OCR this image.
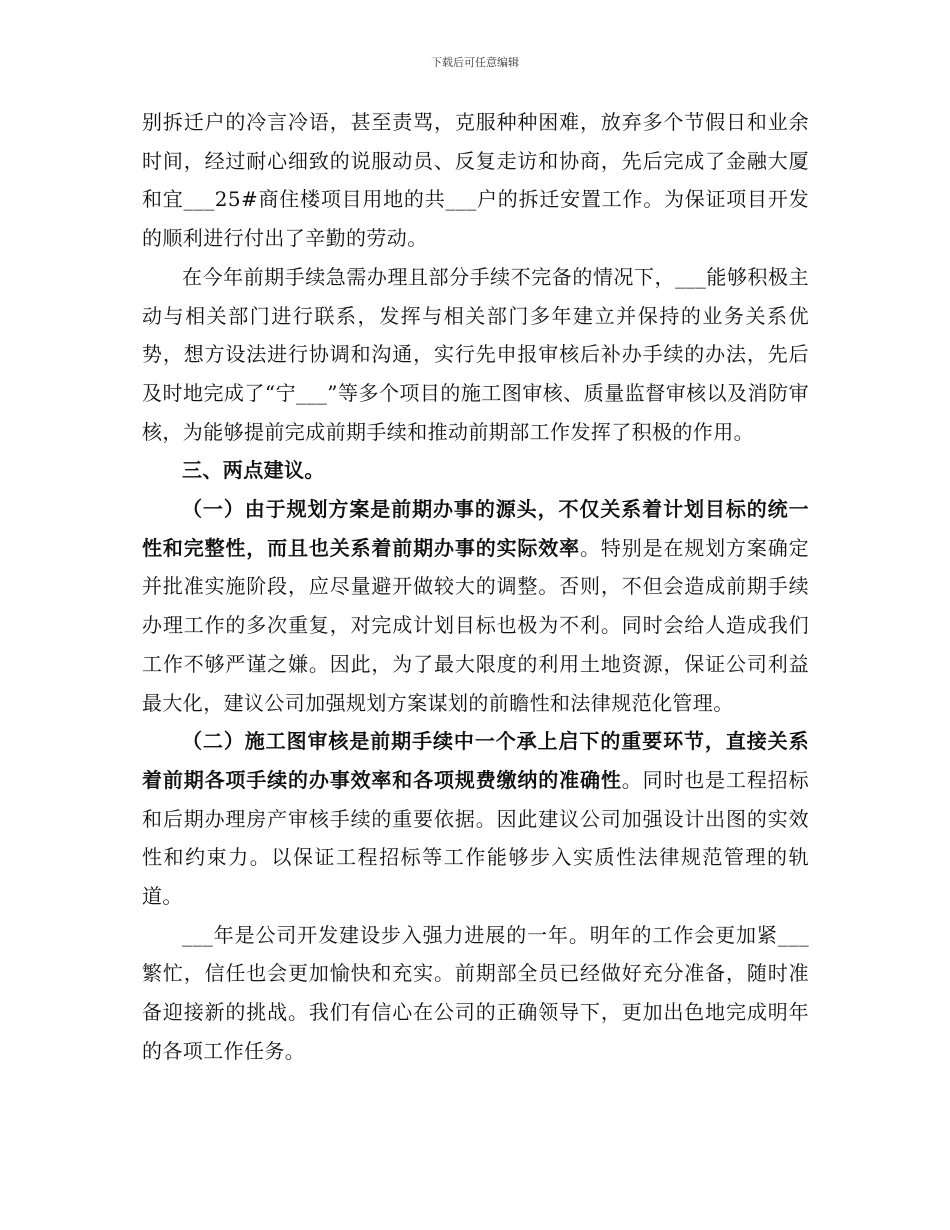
下载后可任意编辑

别拆迁户的冷言冷语，甚至责骂，克服种种困难，放弃多个节假日和业余时间，经过耐心细致的说服动员、反复走访和协商，先后完成了金融大厦和宜___25#商住楼项目用地的共___户的拆迁安置工作。为保证项目开发的顺利进行付出了辛勤的劳动。

在今年前期手续急需办理且部分手续不完备的情况下，___能够积极主动与相关部门进行联系，发挥与相关部门多年建立并保持的业务关系优势，想方设法进行协调和沟通，实行先申报审核后补办手续的办法，先后及时地完成了“宁___”等多个项目的施工图审核、质量监督审核以及消防审核，为能够提前完成前期手续和推动前期部工作发挥了积极的作用。

三、两点建议。

（一）由于规划方案是前期办事的源头，不仅关系着计划目标的统一性和完整性，而且也关系着前期办事的实际效率。特别是在规划方案确定并批准实施阶段，应尽量避开做较大的调整。否则，不但会造成前期手续办理工作的多次重复，对完成计划目标也极为不利。同时会给人造成我们工作不够严谨之嫌。因此，为了最大限度的利用土地资源，保证公司利益最大化，建议公司加强规划方案谋划的前瞻性和法律规范化管理。

（二）施工图审核是前期手续中一个承上启下的重要环节，直接关系着前期各项手续的办事效率和各项规费缴纳的准确性。同时也是工程招标和后期办理房产审核手续的重要依据。因此建议公司加强设计出图的实效性和约束力。以保证工程招标等工作能够步入实质性法律规范管理的轨道。

___年是公司开发建设步入强力进展的一年。明年的工作会更加紧___繁忙，信任也会更加愉快和充实。前期部全员已经做好充分准备，随时准备迎接新的挑战。我们有信心在公司的正确领导下，更加出色地完成明年的各项工作任务。
